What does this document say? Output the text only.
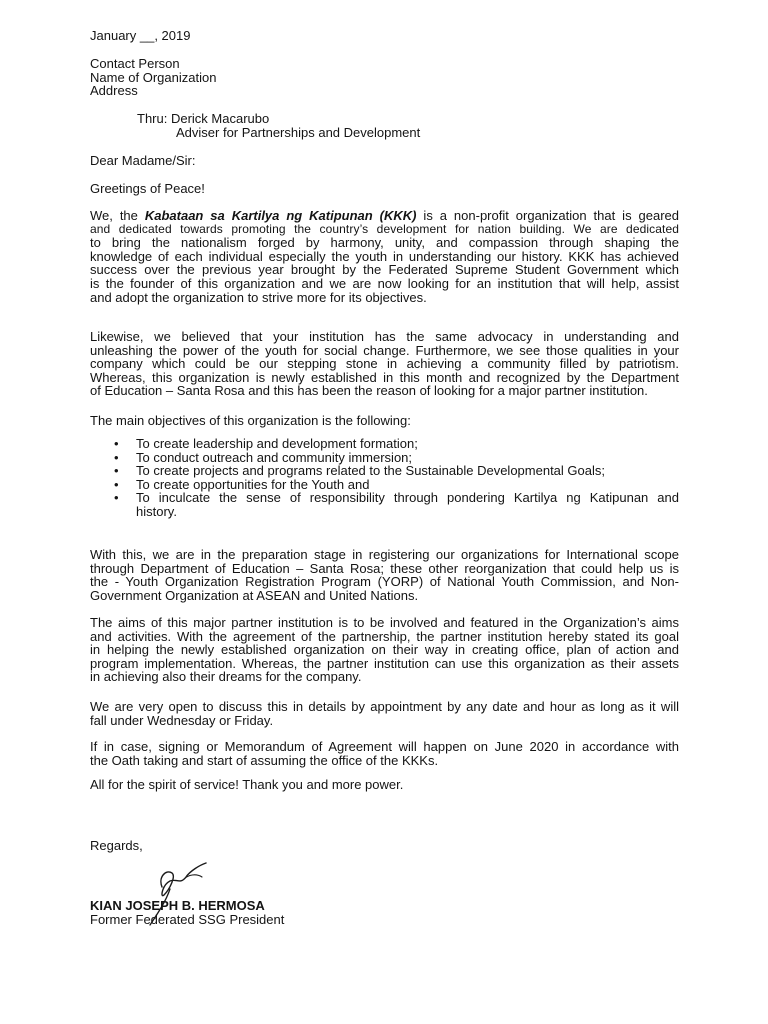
January __, 2019
Contact Person
Name of Organization
Address
Thru: Derick Macarubo
Adviser for Partnerships and Development
Dear Madame/Sir:
Greetings of Peace!
We, the Kabataan sa Kartilya ng Katipunan (KKK) is a non-profit organization that is geared
and dedicated towards promoting the country’s development for nation building. We are dedicated
to bring the nationalism forged by harmony, unity, and compassion through shaping the
knowledge of each individual especially the youth in understanding our history. KKK has achieved
success over the previous year brought by the Federated Supreme Student Government which
is the founder of this organization and we are now looking for an institution that will help, assist
and adopt the organization to strive more for its objectives.
Likewise, we believed that your institution has the same advocacy in understanding and
unleashing the power of the youth for social change. Furthermore, we see those qualities in your
company which could be our stepping stone in achieving a community filled by patriotism.
Whereas, this organization is newly established in this month and recognized by the Department
of Education – Santa Rosa and this has been the reason of looking for a major partner institution.
The main objectives of this organization is the following:
• To create leadership and development formation;
• To conduct outreach and community immersion;
• To create projects and programs related to the Sustainable Developmental Goals;
• To create opportunities for the Youth and
• To inculcate the sense of responsibility through pondering Kartilya ng Katipunan and
history.
With this, we are in the preparation stage in registering our organizations for International scope
through Department of Education – Santa Rosa; these other reorganization that could help us is
the - Youth Organization Registration Program (YORP) of National Youth Commission, and Non-
Government Organization at ASEAN and United Nations.
The aims of this major partner institution is to be involved and featured in the Organization’s aims
and activities. With the agreement of the partnership, the partner institution hereby stated its goal
in helping the newly established organization on their way in creating office, plan of action and
program implementation. Whereas, the partner institution can use this organization as their assets
in achieving also their dreams for the company.
We are very open to discuss this in details by appointment by any date and hour as long as it will
fall under Wednesday or Friday.
If in case, signing or Memorandum of Agreement will happen on June 2020 in accordance with
the Oath taking and start of assuming the office of the KKKs.
All for the spirit of service! Thank you and more power.
Regards,
KIAN JOSEPH B. HERMOSA
Former Federated SSG President
